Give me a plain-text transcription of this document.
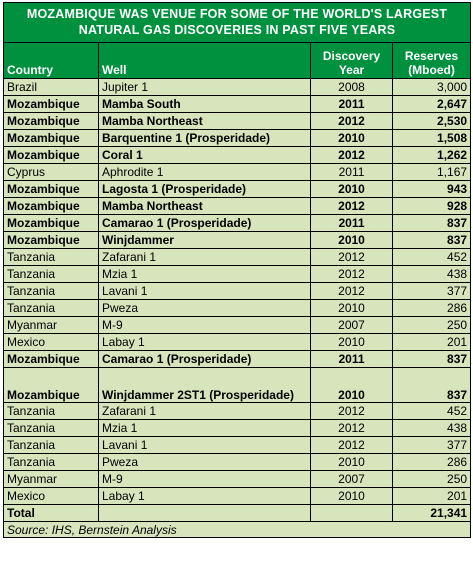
MOZAMBIQUE WAS VENUE FOR SOME OF THE WORLD'S LARGEST NATURAL GAS DISCOVERIES IN PAST FIVE YEARS			
Country	Well	Discovery Year	Reserves (Mboed)
Brazil	Jupiter 1	2008	3,000
Mozambique	Mamba South	2011	2,647
Mozambique	Mamba Northeast	2012	2,530
Mozambique	Barquentine 1 (Prosperidade)	2010	1,508
Mozambique	Coral 1	2012	1,262
Cyprus	Aphrodite 1	2011	1,167
Mozambique	Lagosta 1 (Prosperidade)	2010	943
Mozambique	Mamba Northeast	2012	928
Mozambique	Camarao 1 (Prosperidade)	2011	837
Mozambique	Winjdammer	2010	837
Tanzania	Zafarani 1	2012	452
Tanzania	Mzia 1	2012	438
Tanzania	Lavani 1	2012	377
Tanzania	Pweza	2010	286
Myanmar	M-9	2007	250
Mexico	Labay 1	2010	201
Mozambique	Camarao 1 (Prosperidade)	2011	837
Mozambique	Winjdammer 2ST1 (Prosperidade)	2010	837
Tanzania	Zafarani 1	2012	452
Tanzania	Mzia 1	2012	438
Tanzania	Lavani 1	2012	377
Tanzania	Pweza	2010	286
Myanmar	M-9	2007	250
Mexico	Labay 1	2010	201
Total			21,341
Source: IHS, Bernstein Analysis			
